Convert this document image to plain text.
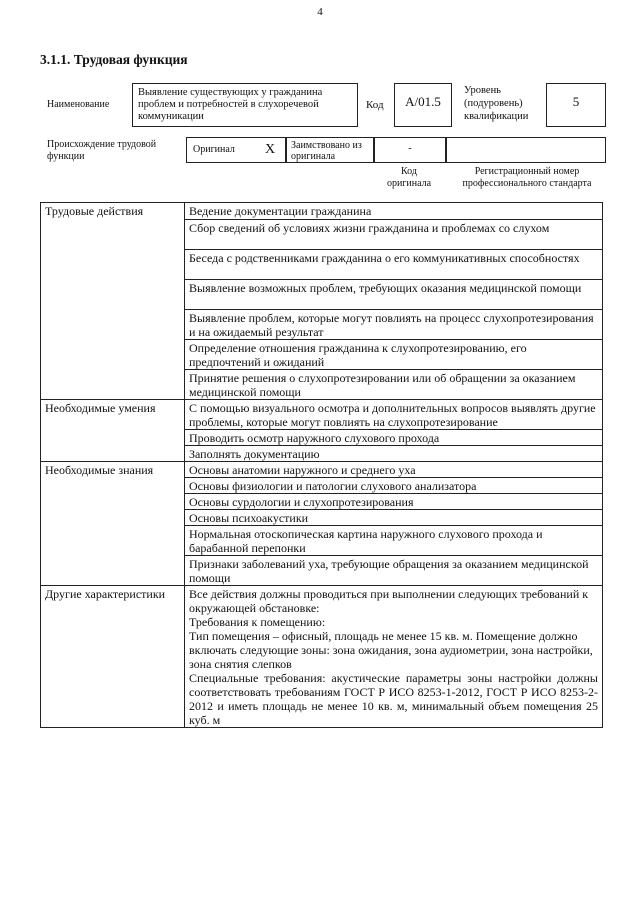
4
3.1.1. Трудовая функция
Наименование
Выявление существующих у гражданина проблем и потребностей в слухоречевой коммуникации
Код	A/01.5
Уровень (подуровень) квалификации
5
Происхождение трудовой функции
Оригинал X	Заимствовано из оригинала
-
Код оригинала
Регистрационный номер профессионального стандарта
Трудовые действия	Ведение документации гражданина
	Сбор сведений об условиях жизни гражданина и проблемах со слухом
	Беседа с родственниками гражданина о его коммуникативных способностях
	Выявление возможных проблем, требующих оказания медицинской помощи
	Выявление проблем, которые могут повлиять на процесс слухопротезирования и на ожидаемый результат
	Определение отношения гражданина к слухопротезированию, его предпочтений и ожиданий
	Принятие решения о слухопротезировании или об обращении за оказанием медицинской помощи
Необходимые умения	С помощью визуального осмотра и дополнительных вопросов выявлять другие проблемы, которые могут повлиять на слухопротезирование
	Проводить осмотр наружного слухового прохода
	Заполнять документацию
Необходимые знания	Основы анатомии наружного и среднего уха
	Основы физиологии и патологии слухового анализатора
	Основы сурдологии и слухопротезирования
	Основы психоакустики
	Нормальная отоскопическая картина наружного слухового прохода и барабанной перепонки
	Признаки заболеваний уха, требующие обращения за оказанием медицинской помощи
Другие характеристики	Все действия должны проводиться при выполнении следующих требований к окружающей обстановке:
Требования к помещению:
Тип помещения – офисный, площадь не менее 15 кв. м. Помещение должно включать следующие зоны: зона ожидания, зона аудиометрии, зона настройки, зона снятия слепков
Специальные требования: акустические параметры зоны настройки должны соответствовать требованиям ГОСТ Р ИСО 8253-1-2012, ГОСТ Р ИСО 8253-2-2012 и иметь площадь не менее 10 кв. м, минимальный объем помещения 25 куб. м
